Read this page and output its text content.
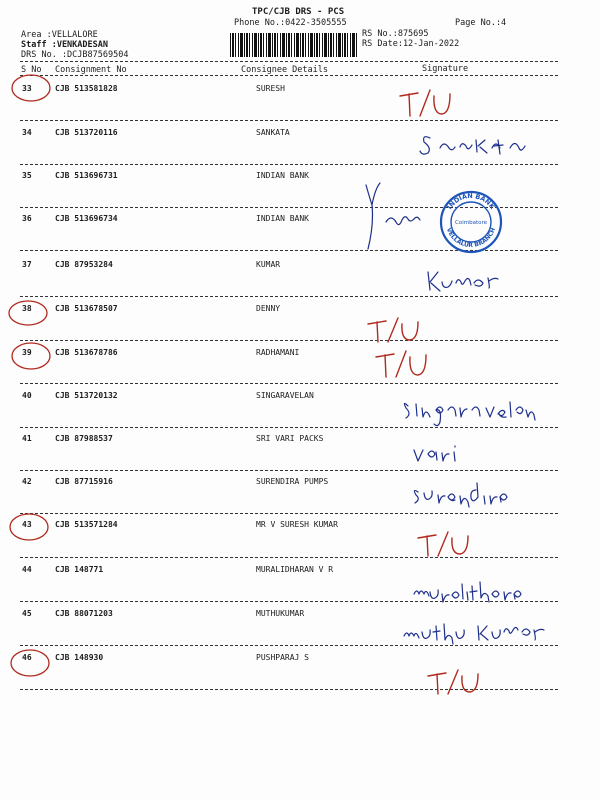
TPC/CJB DRS - PCS
Phone No.:0422-3505555	Page No.:4
Area :VELLALORE
Staff :VENKADESAN
DRS No. :DCJB87569504
RS No.:875695
RS Date:12-Jan-2022
S No Consignment No	Consignee Details	Signature
33	CJB 513581828	SURESH
34	CJB 513720116	SANKATA
35	CJB 513696731	INDIAN BANK
36	CJB 513696734	INDIAN BANK
37	CJB 87953284	KUMAR
38	CJB 513678507	DENNY
39	CJB 513678786	RADHAMANI
40	CJB 513720132	SINGARAVELAN
41	CJB 87988537	SRI VARI PACKS
42	CJB 87715916	SURENDIRA PUMPS
43	CJB 513571284	MR V SURESH KUMAR
44	CJB 148771	MURALIDHARAN V R
45	CJB 88071203	MUTHUKUMAR
46	CJB 148930	PUSHPARAJ S
INDIAN BANK
VELLALUR BRANCH
Coimbatore
